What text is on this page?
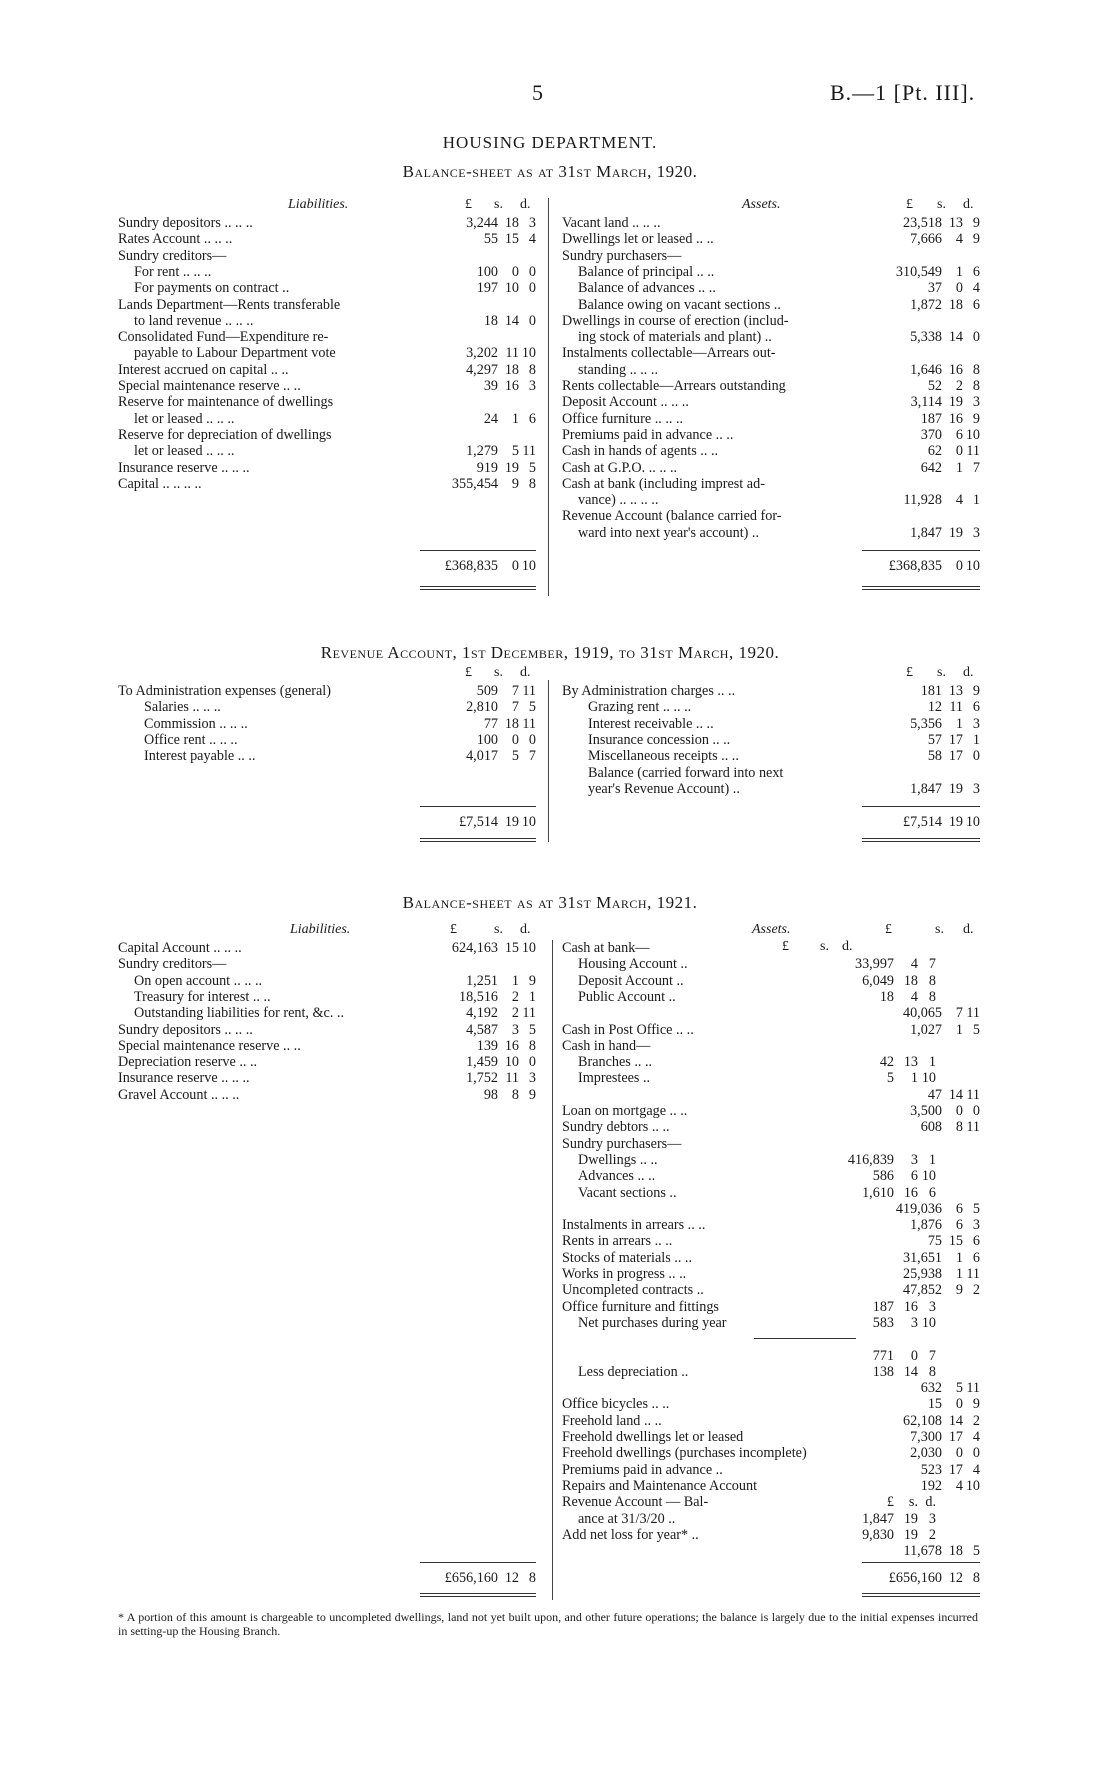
5	B.—1 [Pt. III].
HOUSING DEPARTMENT.
Balance-sheet as at 31st March, 1920.
Liabilities.	Assets.
£ s. d.	£ s. d.
Sundry depositors .. .. ..	3,244 18 3
Rates Account .. .. ..	55 15 4
Sundry creditors—
For rent .. .. ..	100 0 0
For payments on contract ..	197 10 0
Lands Department—Rents transferable
to land revenue .. .. ..	18 14 0
Consolidated Fund—Expenditure re-
payable to Labour Department vote	3,202 11 10
Interest accrued on capital .. ..	4,297 18 8
Special maintenance reserve .. ..	39 16 3
Reserve for maintenance of dwellings
let or leased .. .. ..	24 1 6
Reserve for depreciation of dwellings
let or leased .. .. ..	1,279 5 11
Insurance reserve .. .. ..	919 19 5
Capital .. .. .. ..	355,454 9 8
Vacant land .. .. ..	23,518 13 9
Dwellings let or leased .. ..	7,666 4 9
Sundry purchasers—
Balance of principal .. ..	310,549 1 6
Balance of advances .. ..	37 0 4
Balance owing on vacant sections ..	1,872 18 6
Dwellings in course of erection (includ-
ing stock of materials and plant) ..	5,338 14 0
Instalments collectable—Arrears out-
standing .. .. ..	1,646 16 8
Rents collectable—Arrears outstanding	52 2 8
Deposit Account .. .. ..	3,114 19 3
Office furniture .. .. ..	187 16 9
Premiums paid in advance .. ..	370 6 10
Cash in hands of agents .. ..	62 0 11
Cash at G.P.O. .. .. ..	642 1 7
Cash at bank (including imprest ad-
vance) .. .. .. ..	11,928 4 1
Revenue Account (balance carried for-
ward into next year's account) ..	1,847 19 3
£368,835 0 10	£368,835 0 10
Revenue Account, 1st December, 1919, to 31st March, 1920.
£ s. d.	£ s. d.
To Administration expenses (general)	509 7 11
Salaries .. .. ..	2,810 7 5
Commission .. .. ..	77 18 11
Office rent .. .. ..	100 0 0
Interest payable .. ..	4,017 5 7
By Administration charges .. ..	181 13 9
Grazing rent .. .. ..	12 11 6
Interest receivable .. ..	5,356 1 3
Insurance concession .. ..	57 17 1
Miscellaneous receipts .. ..	58 17 0
Balance (carried forward into next
year's Revenue Account) ..	1,847 19 3
£7,514 19 10	£7,514 19 10
Balance-sheet as at 31st March, 1921.
Liabilities.	Assets.
£	s. d.	£	s. d.
£ s. d.
Capital Account .. .. ..	624,163 15 10
Sundry creditors—
On open account .. .. ..	1,251 1 9
Treasury for interest .. ..	18,516 2 1
Outstanding liabilities for rent, &c. ..	4,192 2 11
Sundry depositors .. .. ..	4,587 3 5
Special maintenance reserve .. ..	139 16 8
Depreciation reserve .. ..	1,459 10 0
Insurance reserve .. .. ..	1,752 11 3
Gravel Account .. .. ..	98 8 9
Cash at bank—
Housing Account ..	33,997 4 7
Deposit Account ..	6,049 18 8
Public Account ..	18 4 8
40,065 7 11
Cash in Post Office .. ..	1,027 1 5
Cash in hand—
Branches .. ..	42 13 1
Imprestees ..	5 1 10
47 14 11
Loan on mortgage .. ..	3,500 0 0
Sundry debtors .. ..	608 8 11
Sundry purchasers—
Dwellings .. ..	416,839 3 1
Advances .. ..	586 6 10
Vacant sections ..	1,610 16 6
419,036 6 5
Instalments in arrears .. ..	1,876 6 3
Rents in arrears .. ..	75 15 6
Stocks of materials .. ..	31,651 1 6
Works in progress .. ..	25,938 1 11
Uncompleted contracts ..	47,852 9 2
Office furniture and fittings	187 16 3
Net purchases during year	583 3 10
771 0 7
Less depreciation ..	138 14 8
632 5 11
Office bicycles .. ..	15 0 9
Freehold land .. ..	62,108 14 2
Freehold dwellings let or leased	7,300 17 4
Freehold dwellings (purchases incomplete)	2,030 0 0
Premiums paid in advance ..	523 17 4
Repairs and Maintenance Account	192 4 10
Revenue Account — Bal-	£ s. d.
ance at 31/3/20 ..	1,847 19 3
Add net loss for year* ..	9,830 19 2
11,678 18 5
£656,160 12 8	£656,160 12 8
* A portion of this amount is chargeable to uncompleted dwellings, land not yet built upon, and other future operations; the balance is largely due to the initial expenses incurred in setting-up the Housing Branch.
